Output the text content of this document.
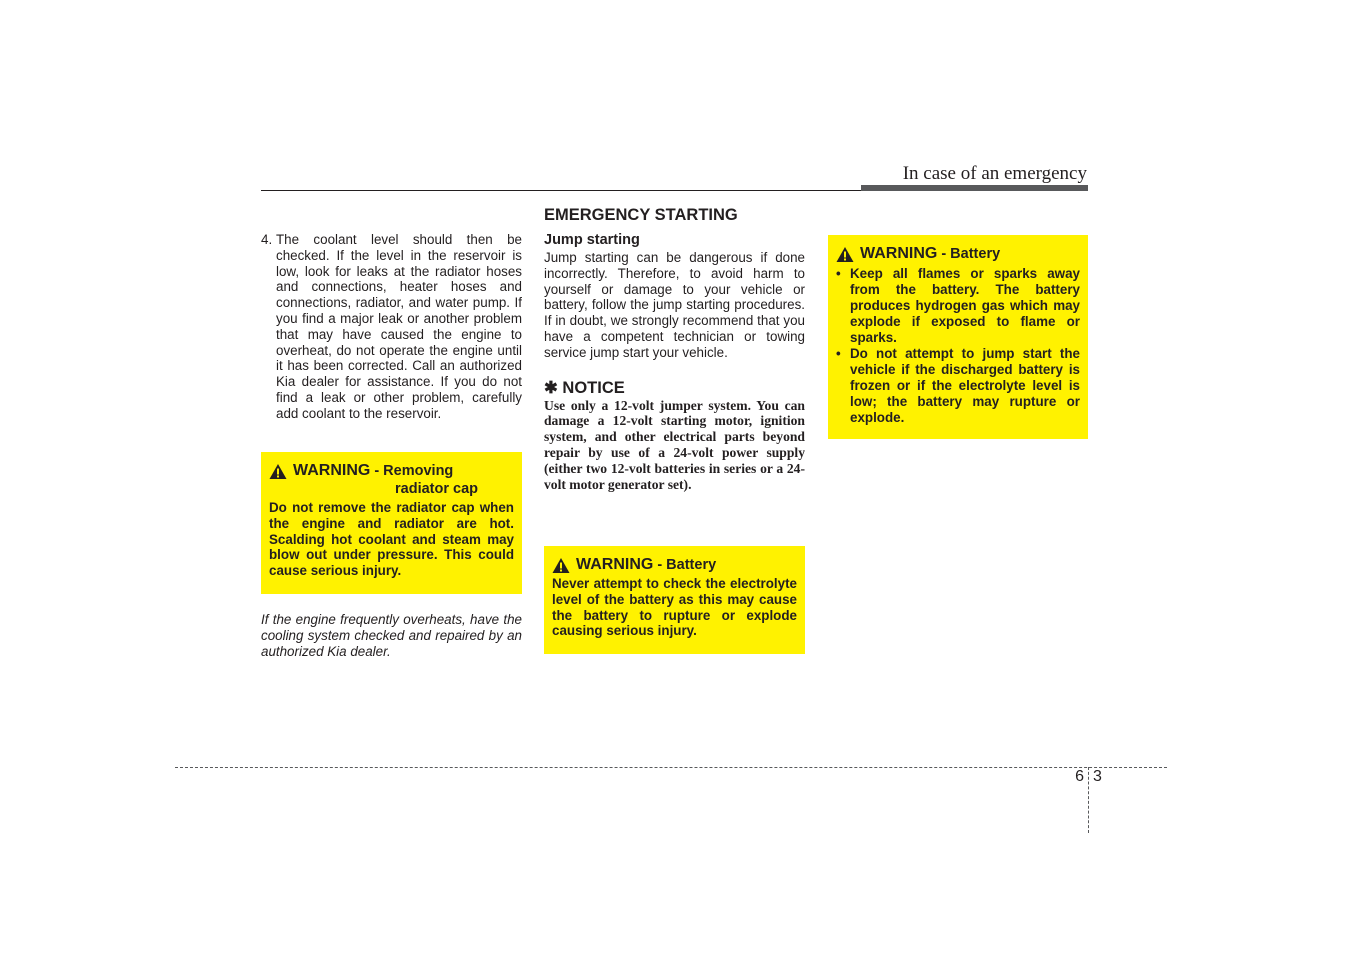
In case of an emergency
4. The coolant level should then be checked. If the level in the reservoir is low, look for leaks at the radiator hoses and connections, heater hoses and connections, radiator, and water pump. If you find a major leak or another problem that may have caused the engine to overheat, do not operate the engine until it has been corrected. Call an authorized Kia dealer for assistance. If you do not find a leak or other problem, carefully add coolant to the reservoir.
WARNING - Removing
radiator cap
Do not remove the radiator cap when the engine and radiator are hot. Scalding hot coolant and steam may blow out under pressure. This could cause serious injury.
If the engine frequently overheats, have the cooling system checked and repaired by an authorized Kia dealer.
EMERGENCY STARTING
Jump starting
Jump starting can be dangerous if done incorrectly. Therefore, to avoid harm to yourself or damage to your vehicle or battery, follow the jump starting procedures. If in doubt, we strongly recommend that you have a competent technician or towing service jump start your vehicle.
✱ NOTICE
Use only a 12-volt jumper system. You can damage a 12-volt starting motor, ignition system, and other electrical parts beyond repair by use of a 24-volt power supply (either two 12-volt batteries in series or a 24-volt motor generator set).
WARNING - Battery
Never attempt to check the electrolyte level of the battery as this may cause the battery to rupture or explode causing serious injury.
WARNING - Battery
• Keep all flames or sparks away from the battery. The battery produces hydrogen gas which may explode if exposed to flame or sparks.
• Do not attempt to jump start the vehicle if the discharged battery is frozen or if the electrolyte level is low; the battery may rupture or explode.
6 3
